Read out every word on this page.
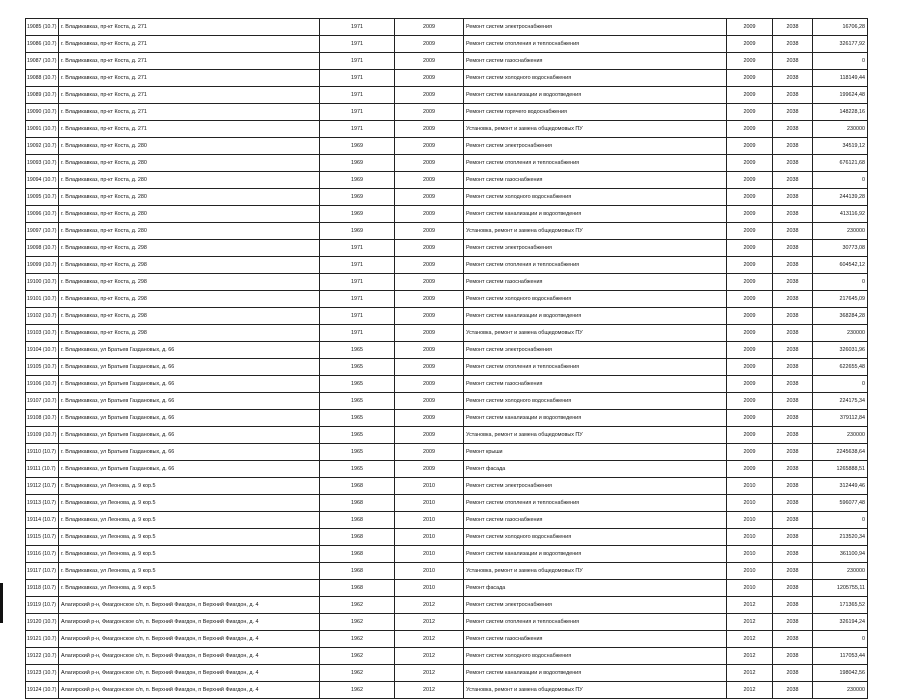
19085 (10.7)	г. Владикавказ, пр-кт Коста, д. 271	1971	2009	Ремонт систем электроснабжения	2009	2038	16706,28
19086 (10.7)	г. Владикавказ, пр-кт Коста, д. 271	1971	2009	Ремонт систем отопления и теплоснабжения	2009	2038	326177,92
19087 (10.7)	г. Владикавказ, пр-кт Коста, д. 271	1971	2009	Ремонт систем газоснабжения	2009	2038	0
19088 (10.7)	г. Владикавказ, пр-кт Коста, д. 271	1971	2009	Ремонт систем холодного водоснабжения	2009	2038	118149,44
19089 (10.7)	г. Владикавказ, пр-кт Коста, д. 271	1971	2009	Ремонт систем канализации и водоотведения	2009	2038	199624,48
19090 (10.7)	г. Владикавказ, пр-кт Коста, д. 271	1971	2009	Ремонт систем горячего водоснабжения	2009	2038	148228,16
19091 (10.7)	г. Владикавказ, пр-кт Коста, д. 271	1971	2009	Установка, ремонт и замена общедомовых ПУ	2009	2038	230000
19092 (10.7)	г. Владикавказ, пр-кт Коста, д. 280	1969	2009	Ремонт систем электроснабжения	2009	2038	34519,12
19093 (10.7)	г. Владикавказ, пр-кт Коста, д. 280	1969	2009	Ремонт систем отопления и теплоснабжения	2009	2038	676121,68
19094 (10.7)	г. Владикавказ, пр-кт Коста, д. 280	1969	2009	Ремонт систем газоснабжения	2009	2038	0
19095 (10.7)	г. Владикавказ, пр-кт Коста, д. 280	1969	2009	Ремонт систем холодного водоснабжения	2009	2038	244139,28
19096 (10.7)	г. Владикавказ, пр-кт Коста, д. 280	1969	2009	Ремонт систем канализации и водоотведения	2009	2038	413116,92
19097 (10.7)	г. Владикавказ, пр-кт Коста, д. 280	1969	2009	Установка, ремонт и замена общедомовых ПУ	2009	2038	230000
19098 (10.7)	г. Владикавказ, пр-кт Коста, д. 298	1971	2009	Ремонт систем электроснабжения	2009	2038	30773,08
19099 (10.7)	г. Владикавказ, пр-кт Коста, д. 298	1971	2009	Ремонт систем отопления и теплоснабжения	2009	2038	604542,12
19100 (10.7)	г. Владикавказ, пр-кт Коста, д. 298	1971	2009	Ремонт систем газоснабжения	2009	2038	0
19101 (10.7)	г. Владикавказ, пр-кт Коста, д. 298	1971	2009	Ремонт систем холодного водоснабжения	2009	2038	217645,09
19102 (10.7)	г. Владикавказ, пр-кт Коста, д. 298	1971	2009	Ремонт систем канализации и водоотведения	2009	2038	368284,28
19103 (10.7)	г. Владикавказ, пр-кт Коста, д. 298	1971	2009	Установка, ремонт и замена общедомовых ПУ	2009	2038	230000
19104 (10.7)	г. Владикавказ, ул Братьев Газдановых, д. 66	1965	2009	Ремонт систем электроснабжения	2009	2038	326031,96
19105 (10.7)	г. Владикавказ, ул Братьев Газдановых, д. 66	1965	2009	Ремонт систем отопления и теплоснабжения	2009	2038	622655,48
19106 (10.7)	г. Владикавказ, ул Братьев Газдановых, д. 66	1965	2009	Ремонт систем газоснабжения	2009	2038	0
19107 (10.7)	г. Владикавказ, ул Братьев Газдановых, д. 66	1965	2009	Ремонт систем холодного водоснабжения	2009	2038	224175,34
19108 (10.7)	г. Владикавказ, ул Братьев Газдановых, д. 66	1965	2009	Ремонт систем канализации и водоотведения	2009	2038	379112,84
19109 (10.7)	г. Владикавказ, ул Братьев Газдановых, д. 66	1965	2009	Установка, ремонт и замена общедомовых ПУ	2009	2038	230000
19110 (10.7)	г. Владикавказ, ул Братьев Газдановых, д. 66	1965	2009	Ремонт крыши	2009	2038	2245638,64
19111 (10.7)	г. Владикавказ, ул Братьев Газдановых, д. 66	1965	2009	Ремонт фасада	2009	2038	1265888,51
19112 (10.7)	г. Владикавказ, ул Леонова, д. 9 кор.5	1968	2010	Ремонт систем электроснабжения	2010	2038	312449,46
19113 (10.7)	г. Владикавказ, ул Леонова, д. 9 кор.5	1968	2010	Ремонт систем отопления и теплоснабжения	2010	2038	596077,48
19114 (10.7)	г. Владикавказ, ул Леонова, д. 9 кор.5	1968	2010	Ремонт систем газоснабжения	2010	2038	0
19115 (10.7)	г. Владикавказ, ул Леонова, д. 9 кор.5	1968	2010	Ремонт систем холодного водоснабжения	2010	2038	213520,34
19116 (10.7)	г. Владикавказ, ул Леонова, д. 9 кор.5	1968	2010	Ремонт систем канализации и водоотведения	2010	2038	361100,94
19117 (10.7)	г. Владикавказ, ул Леонова, д. 9 кор.5	1968	2010	Установка, ремонт и замена общедомовых ПУ	2010	2038	230000
19118 (10.7)	г. Владикавказ, ул Леонова, д. 9 кор.5	1968	2010	Ремонт фасада	2010	2038	1205755,11
19119 (10.7)	Алагирский р-н, Фиагдонское с/п, п. Верхний Фиагдон, п Верхний Фиагдон, д. 4	1962	2012	Ремонт систем электроснабжения	2012	2038	171365,52
19120 (10.7)	Алагирский р-н, Фиагдонское с/п, п. Верхний Фиагдон, п Верхний Фиагдон, д. 4	1962	2012	Ремонт систем отопления и теплоснабжения	2012	2038	326194,24
19121 (10.7)	Алагирский р-н, Фиагдонское с/п, п. Верхний Фиагдон, п Верхний Фиагдон, д. 4	1962	2012	Ремонт систем газоснабжения	2012	2038	0
19122 (10.7)	Алагирский р-н, Фиагдонское с/п, п. Верхний Фиагдон, п Верхний Фиагдон, д. 4	1962	2012	Ремонт систем холодного водоснабжения	2012	2038	117053,44
19123 (10.7)	Алагирский р-н, Фиагдонское с/п, п. Верхний Фиагдон, п Верхний Фиагдон, д. 4	1962	2012	Ремонт систем канализации и водоотведения	2012	2038	198042,56
19124 (10.7)	Алагирский р-н, Фиагдонское с/п, п. Верхний Фиагдон, п Верхний Фиагдон, д. 4	1962	2012	Установка, ремонт и замена общедомовых ПУ	2012	2038	230000
